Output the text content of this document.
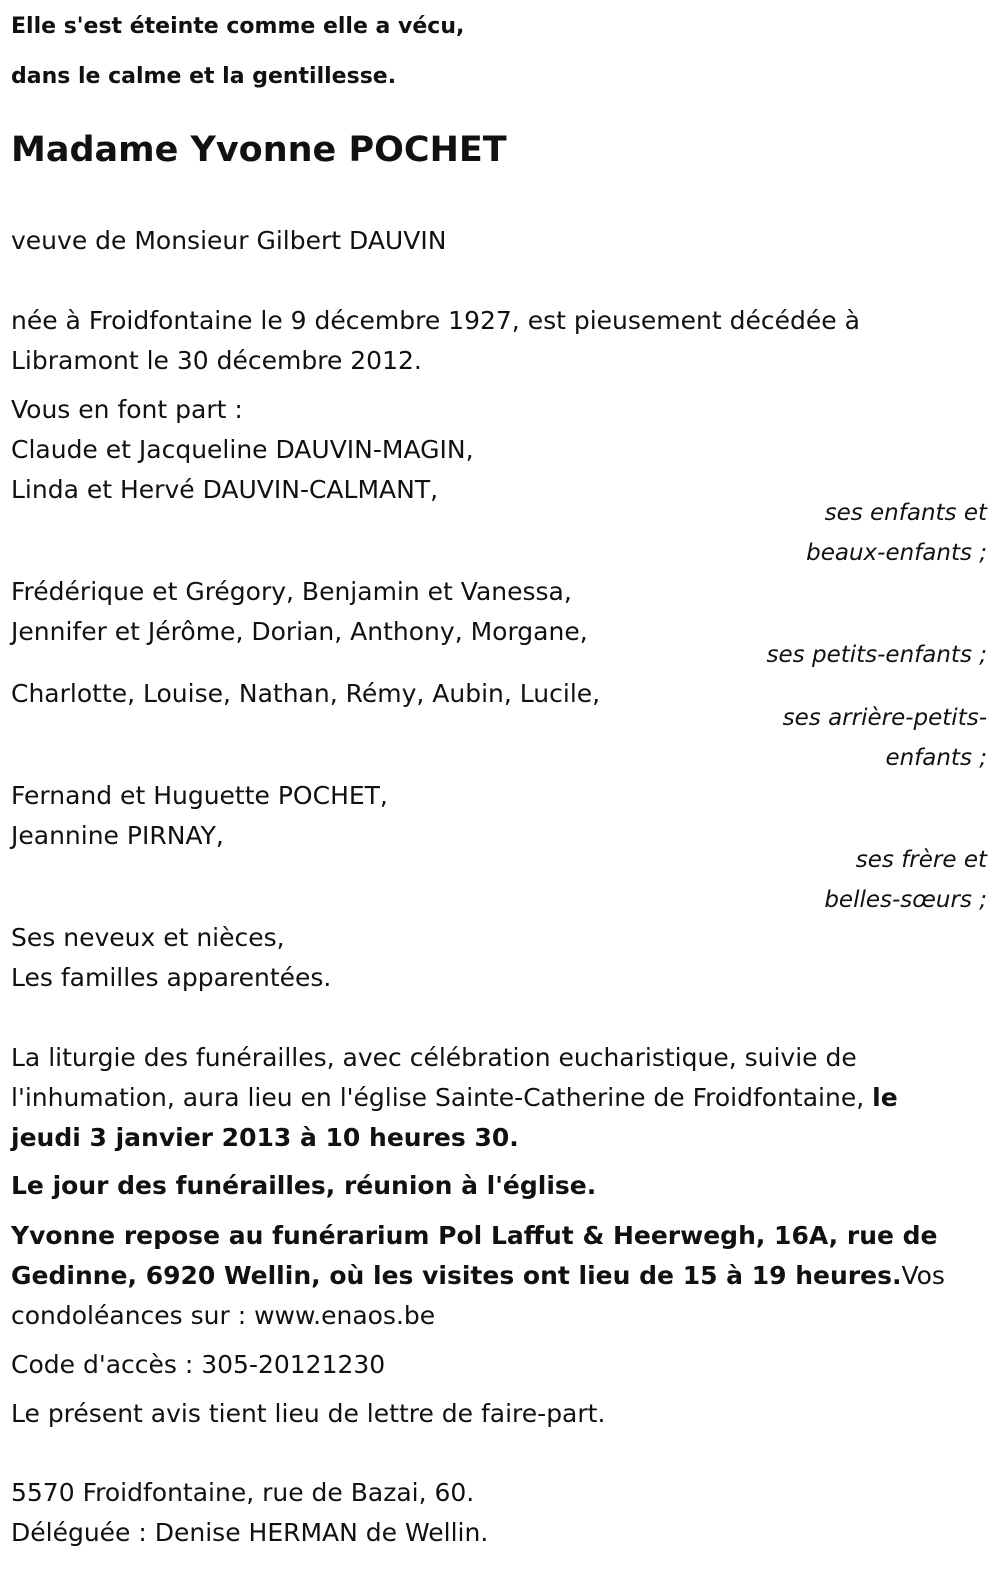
Elle s'est éteinte comme elle a vécu,
dans le calme et la gentillesse.
Madame Yvonne POCHET
veuve de Monsieur Gilbert DAUVIN
née à Froidfontaine le 9 décembre 1927, est pieusement décédée à
Libramont le 30 décembre 2012.
Vous en font part :
Claude et Jacqueline DAUVIN-MAGIN,
Linda et Hervé DAUVIN-CALMANT,
ses enfants et
beaux-enfants ;
Frédérique et Grégory, Benjamin et Vanessa,
Jennifer et Jérôme, Dorian, Anthony, Morgane,
ses petits-enfants ;
Charlotte, Louise, Nathan, Rémy, Aubin, Lucile,
ses arrière-petits-
enfants ;
Fernand et Huguette POCHET,
Jeannine PIRNAY,
ses frère et
belles-sœurs ;
Ses neveux et nièces,
Les familles apparentées.
La liturgie des funérailles, avec célébration eucharistique, suivie de
l'inhumation, aura lieu en l'église Sainte-Catherine de Froidfontaine, le
jeudi 3 janvier 2013 à 10 heures 30.
Le jour des funérailles, réunion à l'église.
Yvonne repose au funérarium Pol Laffut & Heerwegh, 16A, rue de
Gedinne, 6920 Wellin, où les visites ont lieu de 15 à 19 heures.Vos
condoléances sur : www.enaos.be
Code d'accès : 305-20121230
Le présent avis tient lieu de lettre de faire-part.
5570 Froidfontaine, rue de Bazai, 60.
Déléguée : Denise HERMAN de Wellin.
